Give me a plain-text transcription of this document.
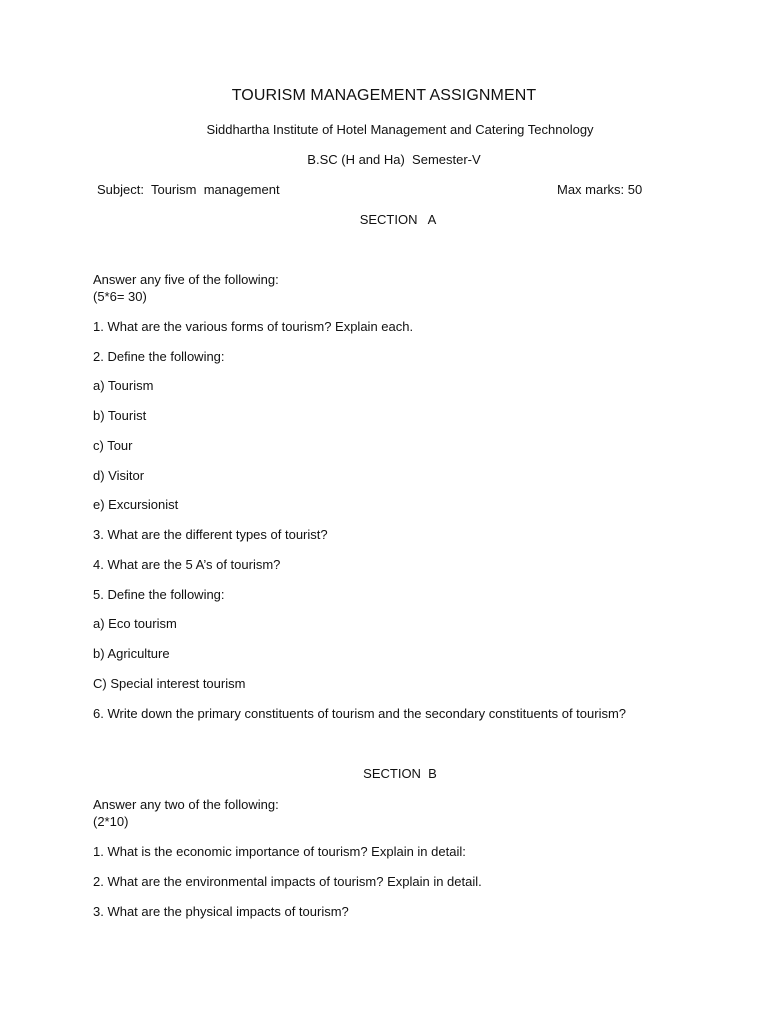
TOURISM MANAGEMENT ASSIGNMENT
Siddhartha Institute of Hotel Management and Catering Technology
B.SC (H and Ha)  Semester-V
Subject:  Tourism  management	Max marks: 50
SECTION   A
Answer any five of the following:
(5*6= 30)
1. What are the various forms of tourism? Explain each.
2. Define the following:
a) Tourism
b) Tourist
c) Tour
d) Visitor
e) Excursionist
3. What are the different types of tourist?
4. What are the 5 A’s of tourism?
5. Define the following:
a) Eco tourism
b) Agriculture
C) Special interest tourism
6. Write down the primary constituents of tourism and the secondary constituents of tourism?
SECTION  B
Answer any two of the following:
(2*10)
1. What is the economic importance of tourism? Explain in detail:
2. What are the environmental impacts of tourism? Explain in detail.
3. What are the physical impacts of tourism?
